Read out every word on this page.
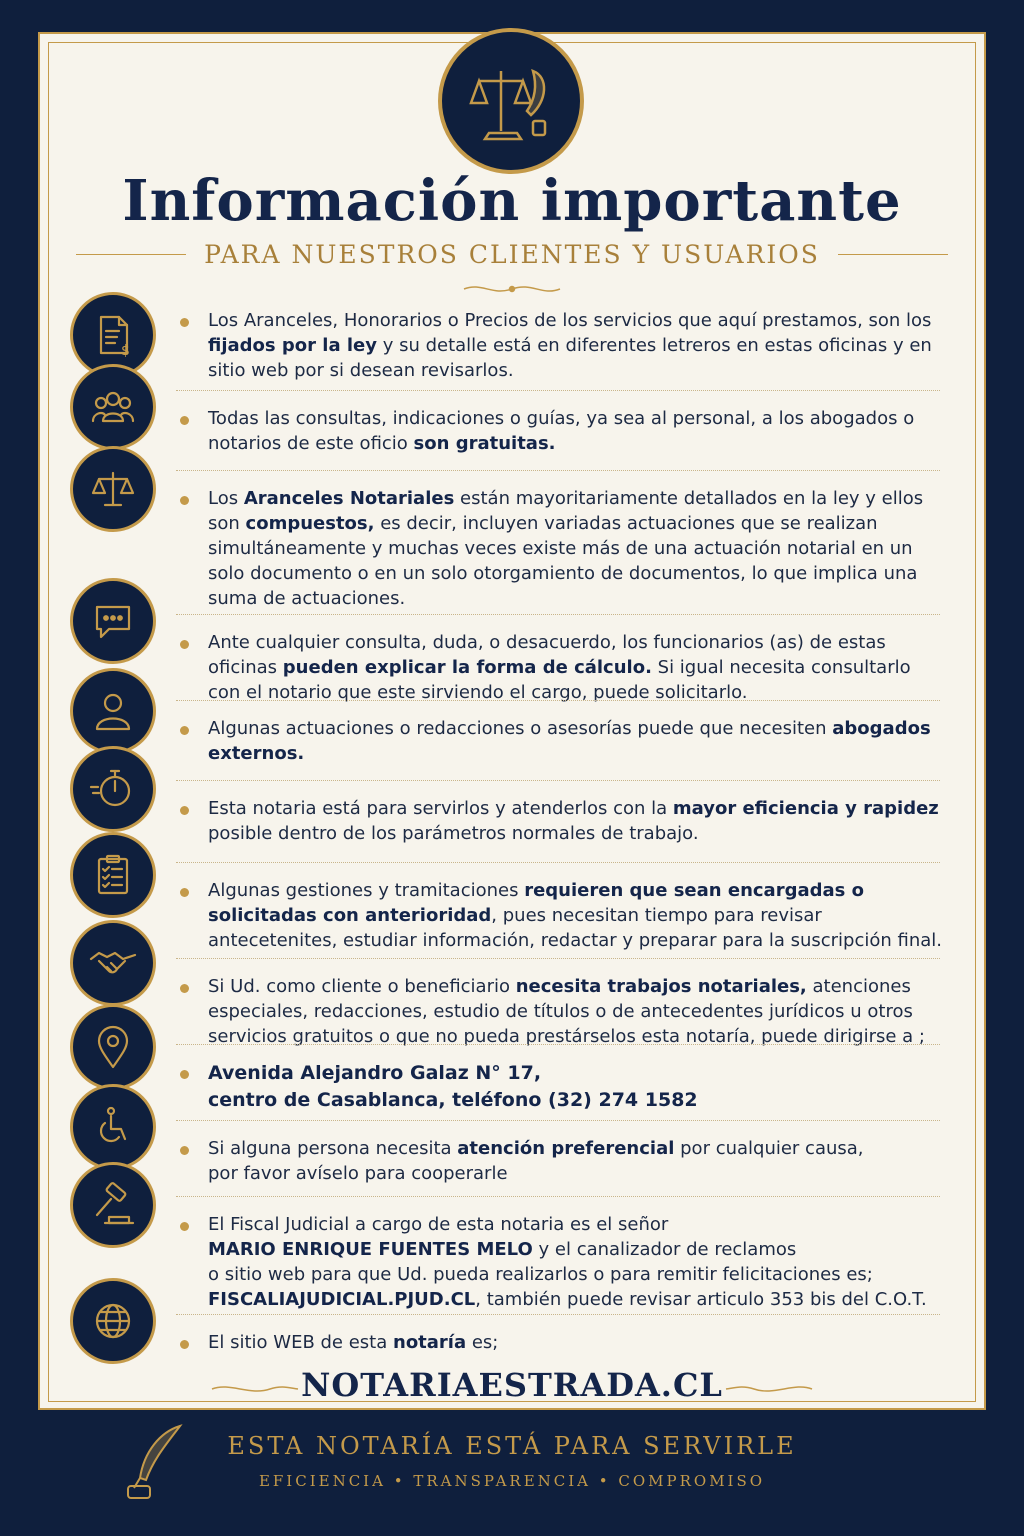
Información importante
PARA NUESTROS CLIENTES Y USUARIOS
$
Los Aranceles, Honorarios o Precios de los servicios que aquí prestamos, son los fijados por la ley y su detalle está en diferentes letreros en estas oficinas y en sitio web por si desean revisarlos.
Todas las consultas, indicaciones o guías, ya sea al personal, a los abogados o notarios de este oficio son gratuitas.
Los Aranceles Notariales están mayoritariamente detallados en la ley y ellos son compuestos, es decir, incluyen variadas actuaciones que se realizan simultáneamente y muchas veces existe más de una actuación notarial en un solo documento o en un solo otorgamiento de documentos, lo que implica una suma de actuaciones.
Ante cualquier consulta, duda, o desacuerdo, los funcionarios (as) de estas oficinas pueden explicar la forma de cálculo. Si igual necesita consultarlo con el notario que este sirviendo el cargo, puede solicitarlo.
Algunas actuaciones o redacciones o asesorías puede que necesiten abogados externos.
Esta notaria está para servirlos y atenderlos con la mayor eficiencia y rapidez posible dentro de los parámetros normales de trabajo.
Algunas gestiones y tramitaciones requieren que sean encargadas o solicitadas con anterioridad, pues necesitan tiempo para revisar antecetenites, estudiar información, redactar y preparar para la suscripción final.
Si Ud. como cliente o beneficiario necesita trabajos notariales, atenciones especiales, redacciones, estudio de títulos o de antecedentes jurídicos u otros servicios gratuitos o que no pueda prestárselos esta notaría, puede dirigirse a ;
Avenida Alejandro Galaz N° 17,
centro de Casablanca, teléfono (32) 274 1582
Si alguna persona necesita atención preferencial por cualquier causa,
por favor avíselo para cooperarle
El Fiscal Judicial a cargo de esta notaria es el señor
MARIO ENRIQUE FUENTES MELO y el canalizador de reclamos
o sitio web para que Ud. pueda realizarlos o para remitir felicitaciones es;
FISCALIAJUDICIAL.PJUD.CL, también puede revisar articulo 353 bis del C.O.T.
El sitio WEB de esta notaría es;
NOTARIAESTRADA.CL
ESTA NOTARÍA ESTÁ PARA SERVIRLE
EFICIENCIA • TRANSPARENCIA • COMPROMISO
